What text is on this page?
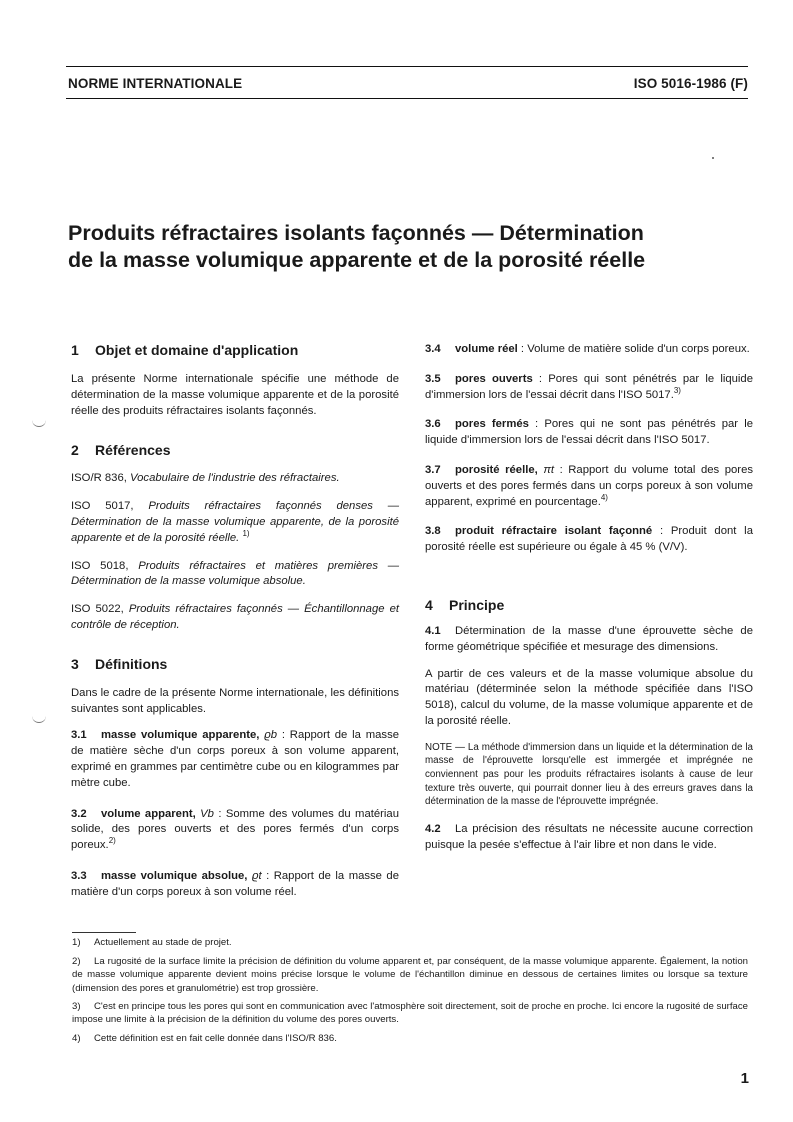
NORME INTERNATIONALE	ISO 5016-1986 (F)
Produits réfractaires isolants façonnés — Détermination
de la masse volumique apparente et de la porosité réelle
1 Objet et domaine d'application

La présente Norme internationale spécifie une méthode de détermination de la masse volumique apparente et de la porosité réelle des produits réfractaires isolants façonnés.

2 Références

ISO/R 836, Vocabulaire de l'industrie des réfractaires.

ISO 5017, Produits réfractaires façonnés denses — Détermination de la masse volumique apparente, de la porosité apparente et de la porosité réelle. $^{1)}$

ISO 5018, Produits réfractaires et matières premières — Détermination de la masse volumique absolue.

ISO 5022, Produits réfractaires façonnés — Échantillonnage et contrôle de réception.

3 Définitions

Dans le cadre de la présente Norme internationale, les définitions suivantes sont applicables.

3.1 masse volumique apparente, ϱb : Rapport de la masse de matière sèche d'un corps poreux à son volume apparent, exprimé en grammes par centimètre cube ou en kilogrammes par mètre cube.

3.2 volume apparent, Vb : Somme des volumes du matériau solide, des pores ouverts et des pores fermés d'un corps poreux.$^{2)}$

3.3 masse volumique absolue, ϱt : Rapport de la masse de matière d'un corps poreux à son volume réel.

3.4 volume réel : Volume de matière solide d'un corps poreux.

3.5 pores ouverts : Pores qui sont pénétrés par le liquide d'immersion lors de l'essai décrit dans l'ISO 5017.$^{3)}$

3.6 pores fermés : Pores qui ne sont pas pénétrés par le liquide d'immersion lors de l'essai décrit dans l'ISO 5017.

3.7 porosité réelle, πt : Rapport du volume total des pores ouverts et des pores fermés dans un corps poreux à son volume apparent, exprimé en pourcentage.$^{4)}$

3.8 produit réfractaire isolant façonné : Produit dont la porosité réelle est supérieure ou égale à 45 % (V/V).

4 Principe

4.1 Détermination de la masse d'une éprouvette sèche de forme géométrique spécifiée et mesurage des dimensions.

A partir de ces valeurs et de la masse volumique absolue du matériau (déterminée selon la méthode spécifiée dans l'ISO 5018), calcul du volume, de la masse volumique apparente et de la porosité réelle.

NOTE — La méthode d'immersion dans un liquide et la détermination de la masse de l'éprouvette lorsqu'elle est immergée et imprégnée ne conviennent pas pour les produits réfractaires isolants à cause de leur texture très ouverte, qui pourrait donner lieu à des erreurs graves dans la détermination de la masse de l'éprouvette imprégnée.

4.2 La précision des résultats ne nécessite aucune correction puisque la pesée s'effectue à l'air libre et non dans le vide.

1) Actuellement au stade de projet.
2) La rugosité de la surface limite la précision de définition du volume apparent et, par conséquent, de la masse volumique apparente. Également, la notion de masse volumique apparente devient moins précise lorsque le volume de l'échantillon diminue en dessous de certaines limites ou lorsque sa texture (dimension des pores et granulométrie) est trop grossière.
3) C'est en principe tous les pores qui sont en communication avec l'atmosphère soit directement, soit de proche en proche. Ici encore la rugosité de surface impose une limite à la précision de la définition du volume des pores ouverts.
4) Cette définition est en fait celle donnée dans l'ISO/R 836.
1
